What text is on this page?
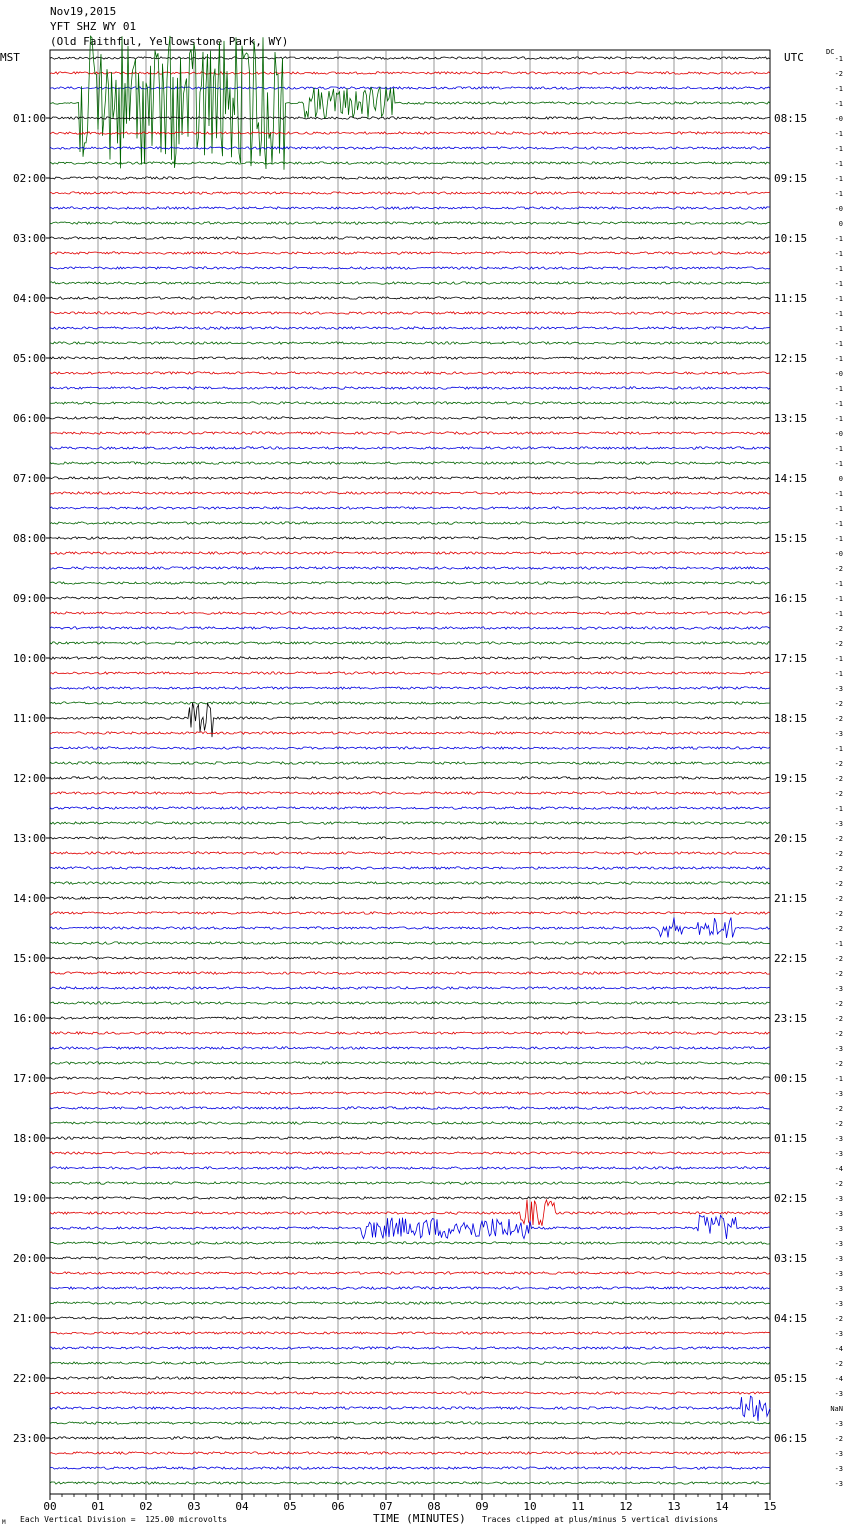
Nov19,2015
YFT SHZ WY 01
(Old Faithful, Yellowstone Park, WY)
MST	UTC	DC
00	01	02	03	04	05	06	07	08	09	10	11	12	13	14	15
-1
-2
-1
-1
-0
-1
-1
-1
-1
-1
-0
0
-1
-1
-1
-1
-1
-1
-1
-1
-1
-0
-1
-1
-1
-0
-1
-1
0
-1
-1
-1
-1
-0
-2
-1
-1
-1
-2
-2
-1
-1
-3
-2
-2
-3
-1
-2
-2
-2
-1
-3
-2
-2
-2
-2
-2
-2
-2
-1
-2
-2
-3
-2
-2
-2
-3
-2
-1
-3
-2
-2
-3
-3
-4
-2
-3
-3
-3
-3
-3
-3
-3
-3
-2
-3
-4
-2
-4
-3
NaN
-3
-2
-3
-3
-3
01:00
02:00
03:00
04:00
05:00
06:00
07:00
08:00
09:00
10:00
11:00
12:00
13:00
14:00
15:00
16:00
17:00
18:00
19:00
20:00
21:00
22:00
23:00
08:15
09:15
10:15
11:15
12:15
13:15
14:15
15:15
16:15
17:15
18:15
19:15
20:15
21:15
22:15
23:15
00:15
01:15
02:15
03:15
04:15
05:15
06:15
TIME (MINUTES)
M Each Vertical Division =  125.00 microvolts	Traces clipped at plus/minus 5 vertical divisions
